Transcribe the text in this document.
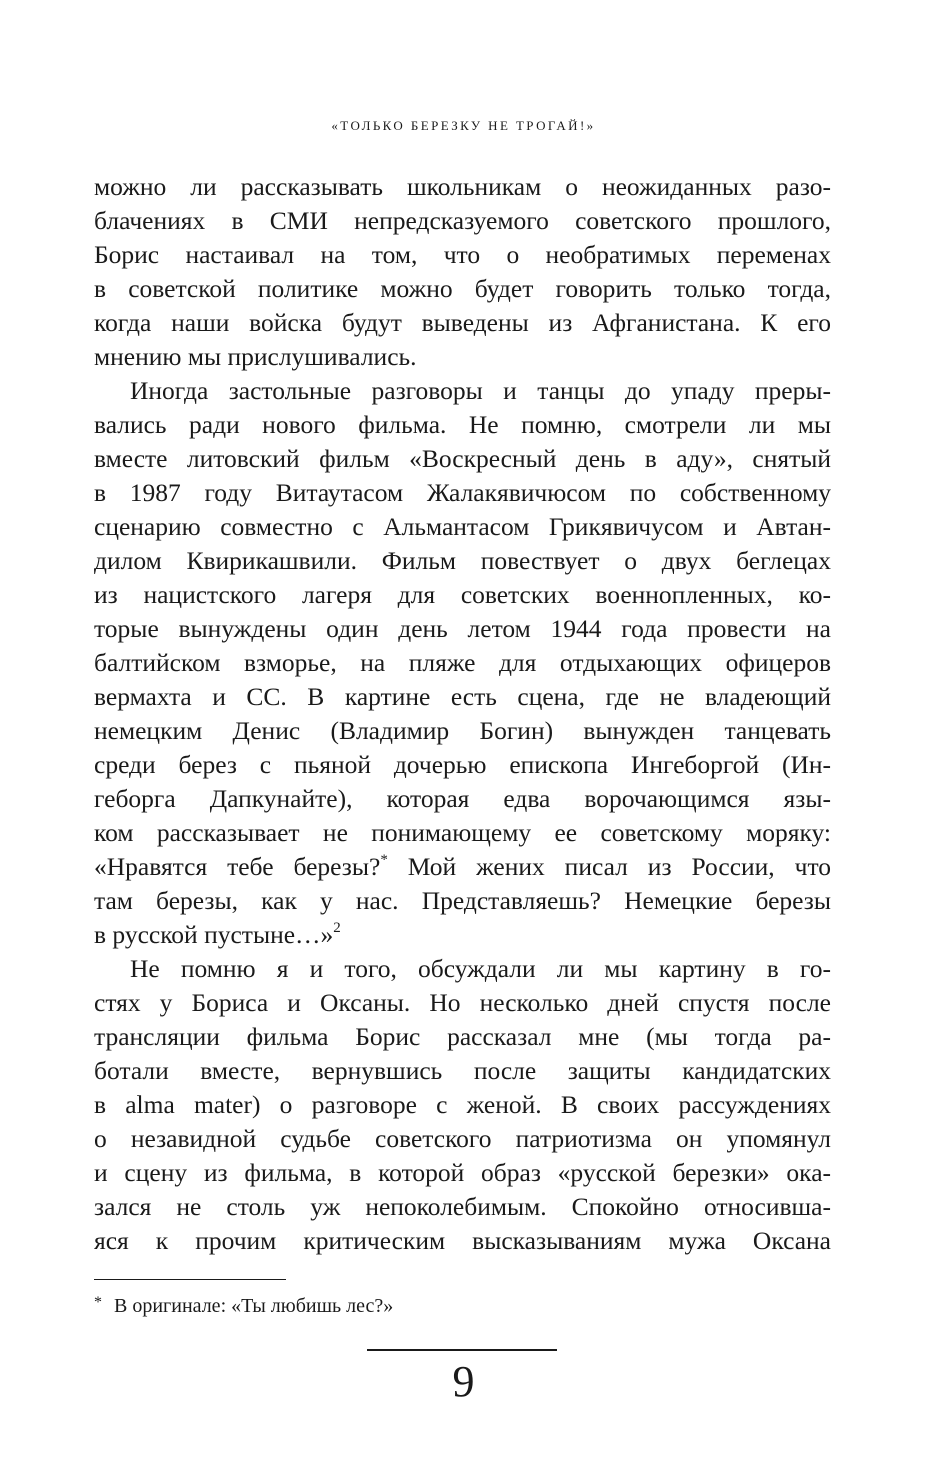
«ТОЛЬКО БЕРЕЗКУ НЕ ТРОГАЙ!»
можно ли рассказывать школьникам о неожиданных разо-
блачениях в СМИ непредсказуемого советского прошлого,
Борис настаивал на том, что о необратимых переменах
в советской политике можно будет говорить только тогда,
когда наши войска будут выведены из Афганистана. К его
мнению мы прислушивались.
Иногда застольные разговоры и танцы до упаду преры-
вались ради нового фильма. Не помню, смотрели ли мы
вместе литовский фильм «Воскресный день в аду», снятый
в 1987 году Витаутасом Жалакявичюсом по собственному
сценарию совместно с Альмантасом Грикявичусом и Автан-
дилом Квирикашвили. Фильм повествует о двух беглецах
из нацистского лагеря для советских военнопленных, ко-
торые вынуждены один день летом 1944 года провести на
балтийском взморье, на пляже для отдыхающих офицеров
вермахта и СС. В картине есть сцена, где не владеющий
немецким Денис (Владимир Богин) вынужден танцевать
среди берез с пьяной дочерью епископа Ингеборгой (Ин-
геборга Дапкунайте), которая едва ворочающимся язы-
ком рассказывает не понимающему ее советскому моряку:
«Нравятся тебе березы?* Мой жених писал из России, что
там березы, как у нас. Представляешь? Немецкие березы
в русской пустыне…»$^2$
Не помню я и того, обсуждали ли мы картину в го-
стях у Бориса и Оксаны. Но несколько дней спустя после
трансляции фильма Борис рассказал мне (мы тогда ра-
ботали вместе, вернувшись после защиты кандидатских
в alma mater) о разговоре с женой. В своих рассуждениях
о незавидной судьбе советского патриотизма он упомянул
и сцену из фильма, в которой образ «русской березки» ока-
зался не столь уж непоколебимым. Спокойно относивша-
яся к прочим критическим высказываниям мужа Оксана
* В оригинале: «Ты любишь лес?»
9
